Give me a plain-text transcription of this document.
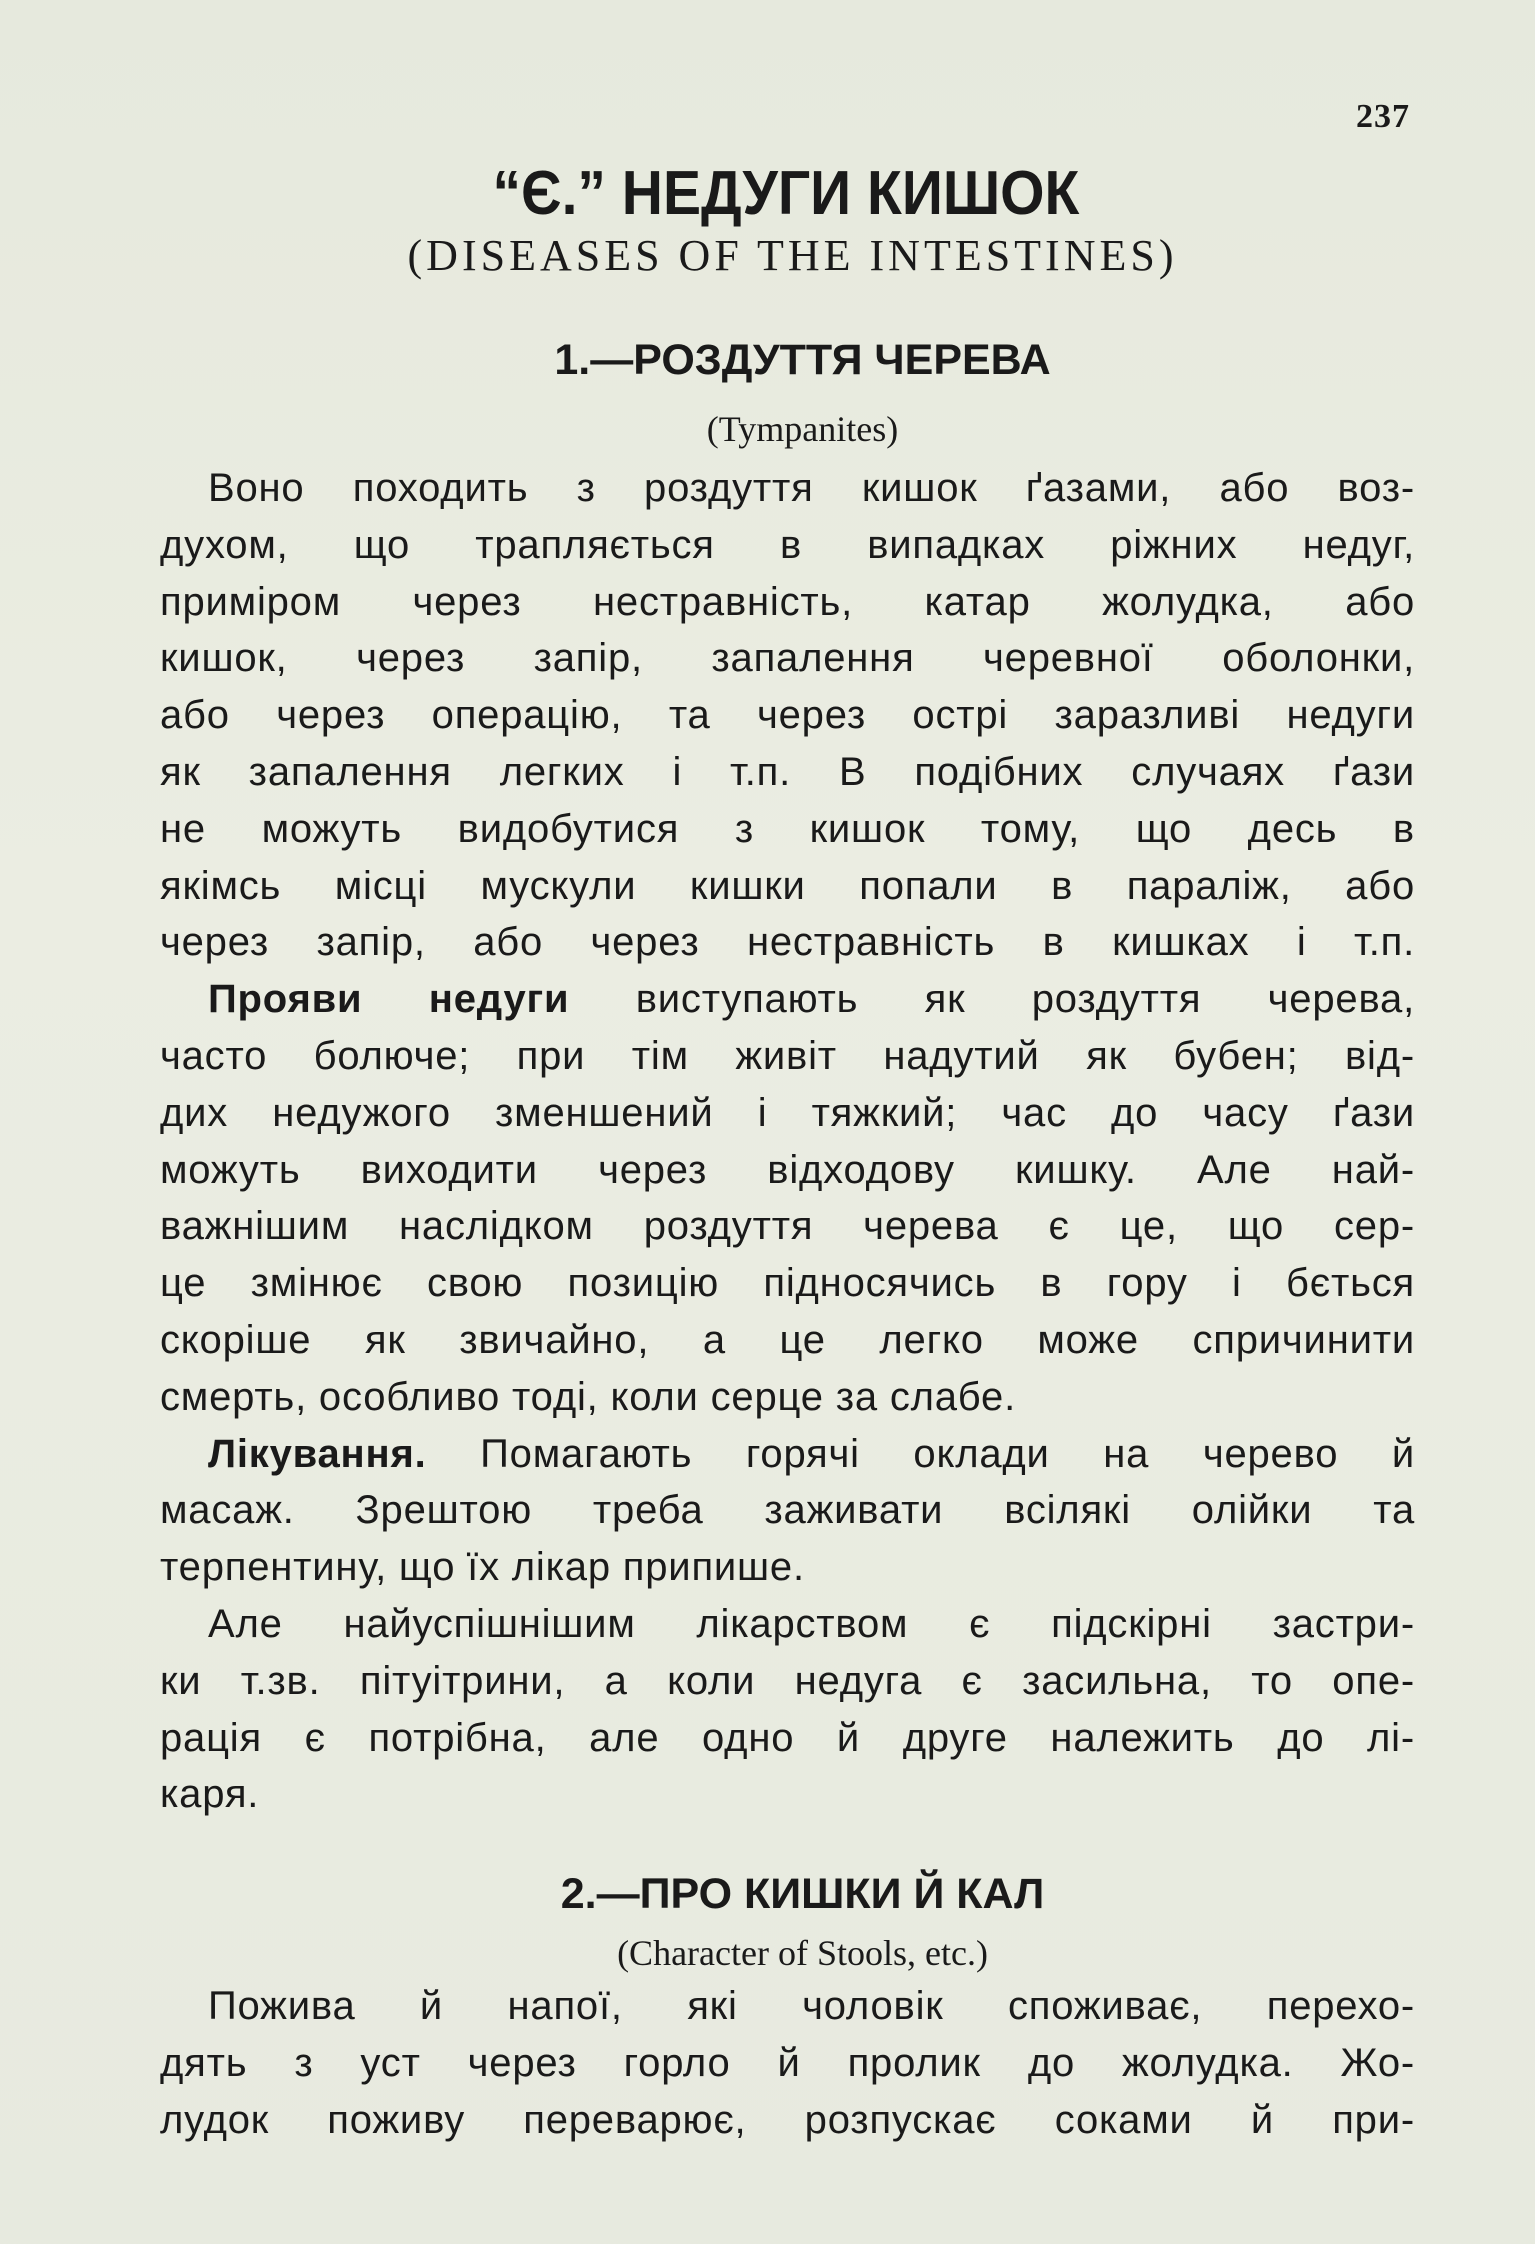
237
“Є.” НЕДУГИ КИШОК
(DISEASES OF THE INTESTINES)
1.—РОЗДУТТЯ ЧЕРЕВА
(Tympanites)
Воно походить з роздуття кишок ґазами, або воз-
духом, що трапляється в випадках ріжних недуг,
приміром через нестравність, катар жолудка, або
кишок, через запір, запалення черевної оболонки,
або через операцію, та через острі заразливі недуги
як запалення легких і т.п. В подібних случаях ґази
не можуть видобутися з кишок тому, що десь в
якімсь місці мускули кишки попали в параліж, або
через запір, або через нестравність в кишках і т.п.
Прояви недуги виступають як роздуття черева,
часто болюче; при тім живіт надутий як бубен; від-
дих недужого зменшений і тяжкий; час до часу ґази
можуть виходити через відходову кишку. Але най-
важнішим наслідком роздуття черева є це, що сер-
це змінює свою позицію підносячись в гору і бється
скоріше як звичайно, а це легко може спричинити
смерть, особливо тоді, коли серце за слабе.
Лікування. Помагають горячі оклади на черево й
масаж. Зрештою треба заживати всілякі олійки та
терпентину, що їх лікар припише.
Але найуспішнішим лікарством є підскірні застри-
ки т.зв. пітуітрини, а коли недуга є засильна, то опе-
рація є потрібна, але одно й друге належить до лі-
каря.
2.—ПРО КИШКИ Й КАЛ
(Character of Stools, etc.)
Пожива й напої, які чоловік споживає, перехо-
дять з уст через горло й пролик до жолудка. Жо-
лудок поживу переварює, розпускає соками й при-
